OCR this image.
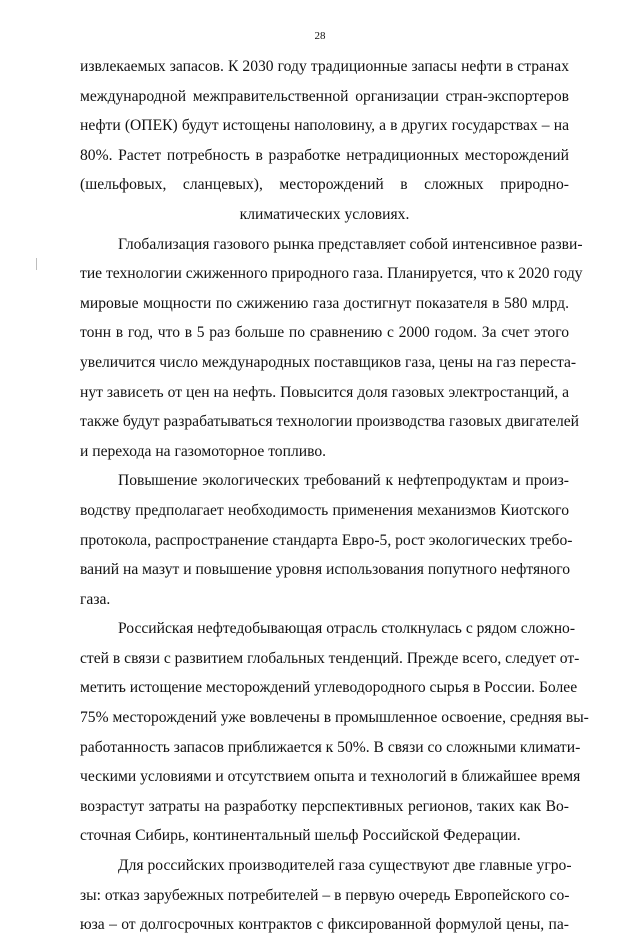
28
извлекаемых запасов. К 2030 году традиционные запасы нефти в странах
международной межправительственной организации стран-экспортеров
нефти (ОПЕК) будут истощены наполовину, а в других государствах – на
80%. Растет потребность в разработке нетрадиционных месторождений
(шельфовых, сланцевых), месторождений в сложных природно-
климатических условиях.
Глобализация газового рынка представляет собой интенсивное разви-
тие технологии сжиженного природного газа. Планируется, что к 2020 году
мировые мощности по сжижению газа достигнут показателя в 580 млрд.
тонн в год, что в 5 раз больше по сравнению с 2000 годом. За счет этого
увеличится число международных поставщиков газа, цены на газ переста-
нут зависеть от цен на нефть. Повысится доля газовых электростанций, а
также будут разрабатываться технологии производства газовых двигателей
и перехода на газомоторное топливо.
Повышение экологических требований к нефтепродуктам и произ-
водству предполагает необходимость применения механизмов Киотского
протокола, распространение стандарта Евро-5, рост экологических требо-
ваний на мазут и повышение уровня использования попутного нефтяного
газа.
Российская нефтедобывающая отрасль столкнулась с рядом сложно-
стей в связи с развитием глобальных тенденций. Прежде всего, следует от-
метить истощение месторождений углеводородного сырья в России. Более
75% месторождений уже вовлечены в промышленное освоение, средняя вы-
работанность запасов приближается к 50%. В связи со сложными климати-
ческими условиями и отсутствием опыта и технологий в ближайшее время
возрастут затраты на разработку перспективных регионов, таких как Во-
сточная Сибирь, континентальный шельф Российской Федерации.
Для российских производителей газа существуют две главные угро-
зы: отказ зарубежных потребителей – в первую очередь Европейского со-
юза – от долгосрочных контрактов с фиксированной формулой цены, па-
